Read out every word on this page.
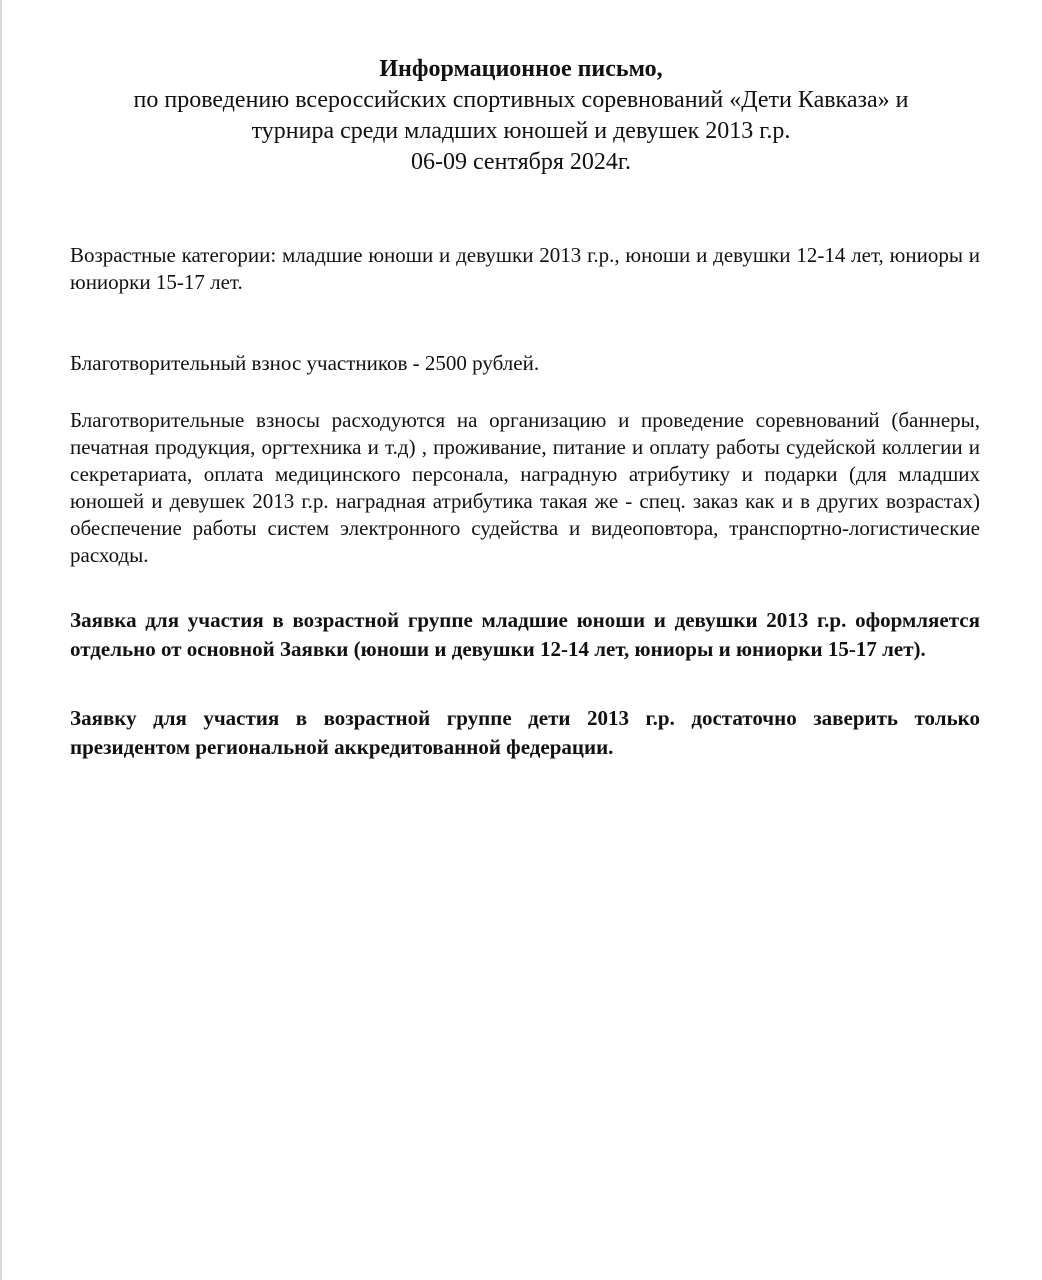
Информационное письмо,
по проведению всероссийских спортивных соревнований «Дети Кавказа» и
турнира среди младших юношей и девушек 2013 г.р.
06-09 сентября 2024г.

Возрастные категории: младшие юноши и девушки 2013 г.р., юноши и девушки 12-14 лет, юниоры и юниорки 15-17 лет.

Благотворительный взнос участников - 2500 рублей.

Благотворительные взносы расходуются на организацию и проведение соревнований (баннеры, печатная продукция, оргтехника и т.д) , проживание, питание и оплату работы судейской коллегии и секретариата, оплата медицинского персонала, наградную атрибутику и подарки (для младших юношей и девушек 2013 г.р. наградная атрибутика такая же - спец. заказ как и в других возрастах) обеспечение работы систем электронного судейства и видеоповтора, транспортно-логистические расходы.

Заявка для участия в возрастной группе младшие юноши и девушки 2013 г.р. оформляется отдельно от основной Заявки (юноши и девушки 12-14 лет, юниоры и юниорки 15-17 лет).

Заявку для участия в возрастной группе дети 2013 г.р. достаточно заверить только президентом региональной аккредитованной федерации.
